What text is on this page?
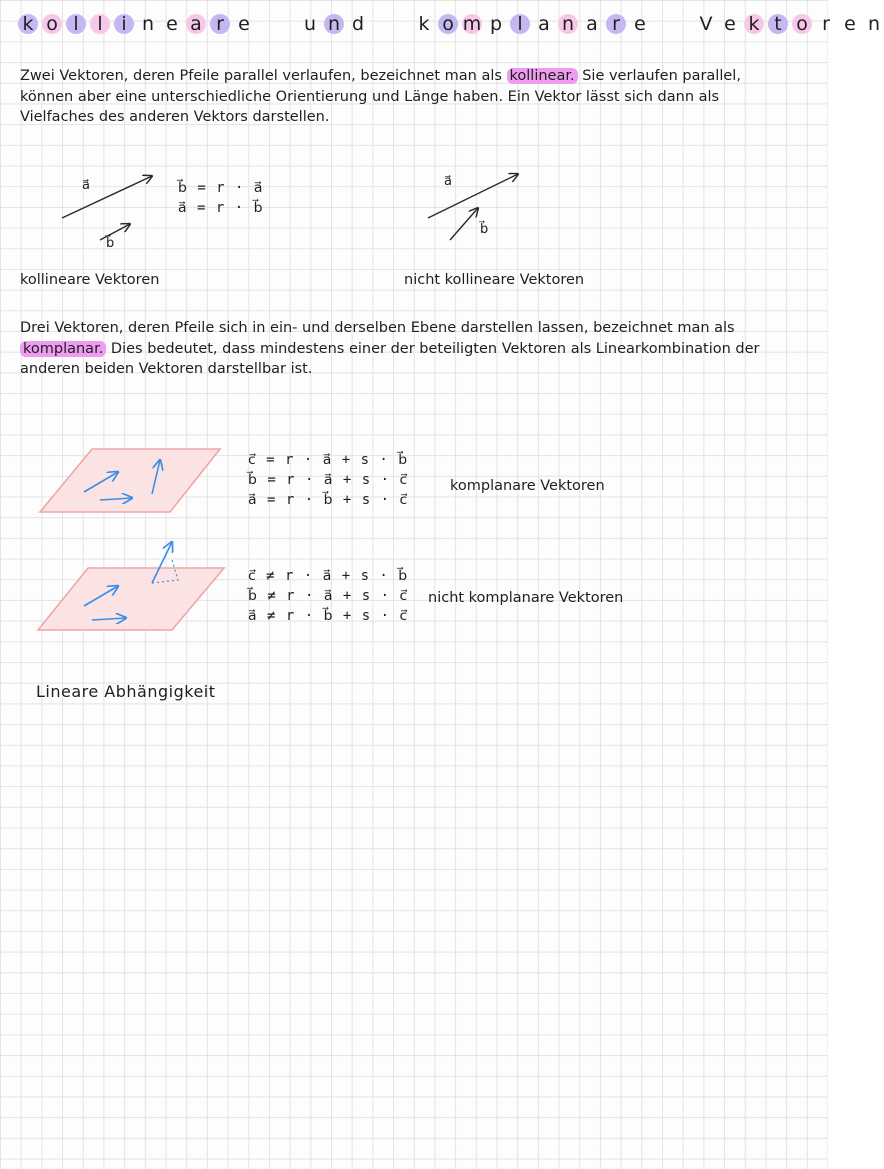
k o l l i n e a r e	u n d	k o m p l a n a r e	V e k t o r e n

Zwei Vektoren, deren Pfeile parallel verlaufen, bezeichnet man als kollinear. Sie verlaufen parallel, können aber eine unterschiedliche Orientierung und Länge haben. Ein Vektor lässt sich dann als Vielfaches des anderen Vektors darstellen.

a⃗
b⃗
b⃗ = r · a⃗
a⃗ = r · b⃗
kollineare Vektoren
a⃗
b⃗
nicht kollineare Vektoren

Drei Vektoren, deren Pfeile sich in ein- und derselben Ebene darstellen lassen, bezeichnet man als komplanar. Dies bedeutet, dass mindestens einer der beteiligten Vektoren als Linearkombination der anderen beiden Vektoren darstellbar ist.

c⃗ = r · a⃗ + s · b⃗
b⃗ = r · a⃗ + s · c⃗
a⃗ = r · b⃗ + s · c⃗
komplanare Vektoren
c⃗ ≠ r · a⃗ + s · b⃗
b⃗ ≠ r · a⃗ + s · c⃗
a⃗ ≠ r · b⃗ + s · c⃗
nicht komplanare Vektoren
Lineare Abhängigkeit
